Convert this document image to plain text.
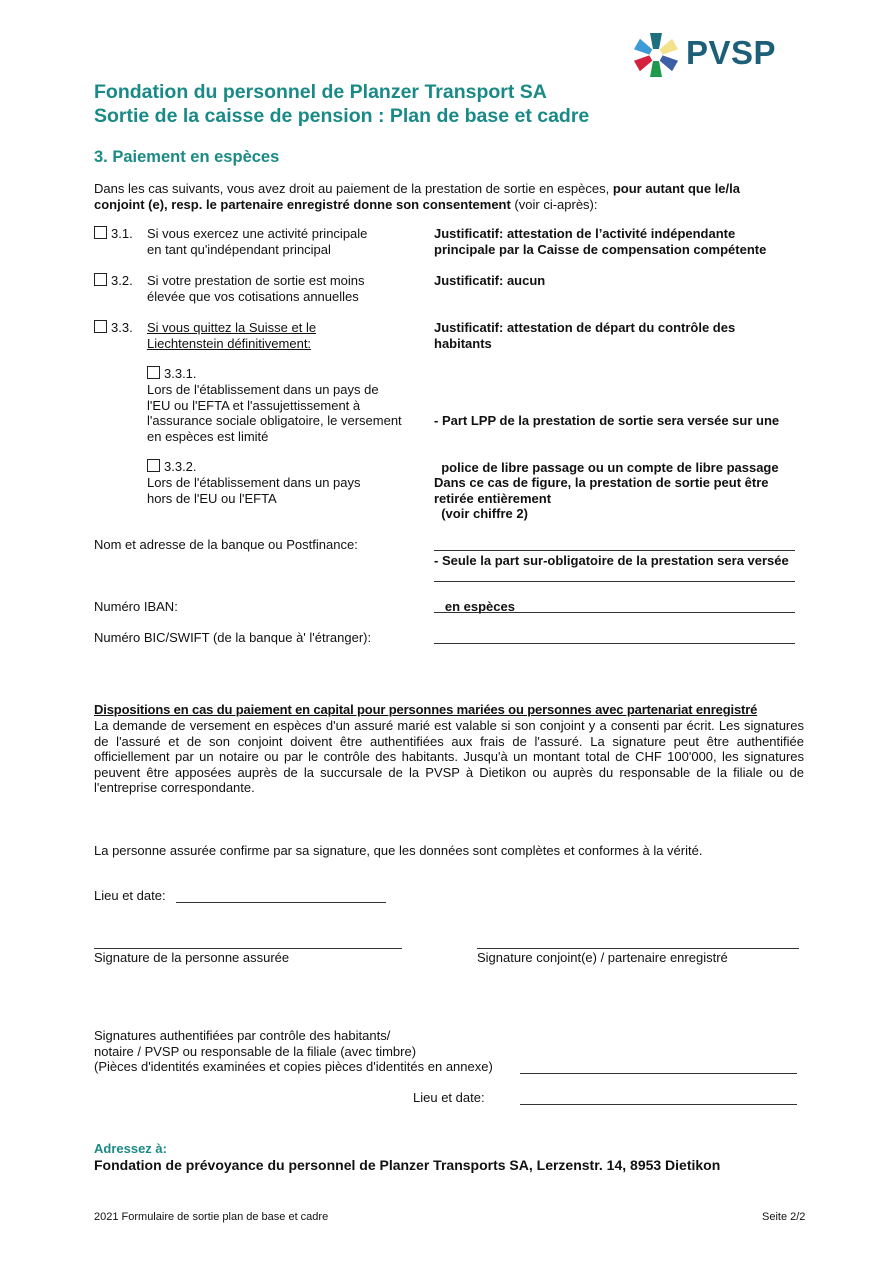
PVSP
Fondation du personnel de Planzer Transport SA
Sortie de la caisse de pension : Plan de base et cadre
3. Paiement en espèces
Dans les cas suivants, vous avez droit au paiement de la prestation de sortie en espèces, pour autant que le/la conjoint (e), resp. le partenaire enregistré donne son consentement (voir ci-après):
3.1. Si vous exercez une activité principale
en tant qu'indépendant principal
Justificatif: attestation de l’activité indépendante
principale par la Caisse de compensation compétente
3.2. Si votre prestation de sortie est moins
élevée que vos cotisations annuelles
Justificatif: aucun
3.3. Si vous quittez la Suisse et le
Liechtenstein définitivement:
Justificatif: attestation de départ du contrôle des
habitants
3.3.1.
Lors de l'établissement dans un pays de
l'EU ou l'EFTA et l'assujettissement à
l'assurance sociale obligatoire, le versement
en espèces est limité

- Part LPP de la prestation de sortie sera versée sur une

police de libre passage ou un compte de libre passage

(voir chiffre 2)

- Seule la part sur-obligatoire de la prestation sera versée

en espèces

3.3.2.
Lors de l'établissement dans un pays
hors de l'EU ou l'EFTA
Dans ce cas de figure, la prestation de sortie peut être
retirée entièrement
Nom et adresse de la banque ou Postfinance:
Numéro IBAN:
Numéro BIC/SWIFT (de la banque à' l'étranger):
Dispositions en cas du paiement en capital pour personnes mariées ou personnes avec partenariat enregistré
La demande de versement en espèces d'un assuré marié est valable si son conjoint y a consenti par écrit. Les signatures de l'assuré et de son conjoint doivent être authentifiées aux frais de l'assuré. La signature peut être authentifiée officiellement par un notaire ou par le contrôle des habitants. Jusqu'à un montant total de CHF 100'000, les signatures peuvent être apposées auprès de la succursale de la PVSP à Dietikon ou auprès du responsable de la filiale ou de l'entreprise correspondante.
La personne assurée confirme par sa signature, que les données sont complètes et conformes à la vérité.
Lieu et date:
Signature de la personne assurée	Signature conjoint(e) / partenaire enregistré
Signatures authentifiées par contrôle des habitants/
notaire / PVSP ou responsable de la filiale (avec timbre)
(Pièces d'identités examinées et copies pièces d'identités en annexe)
Lieu et date:
Adressez à:
Fondation de prévoyance du personnel de Planzer Transports SA, Lerzenstr. 14, 8953 Dietikon
2021 Formulaire de sortie plan de base et cadre	Seite 2/2
